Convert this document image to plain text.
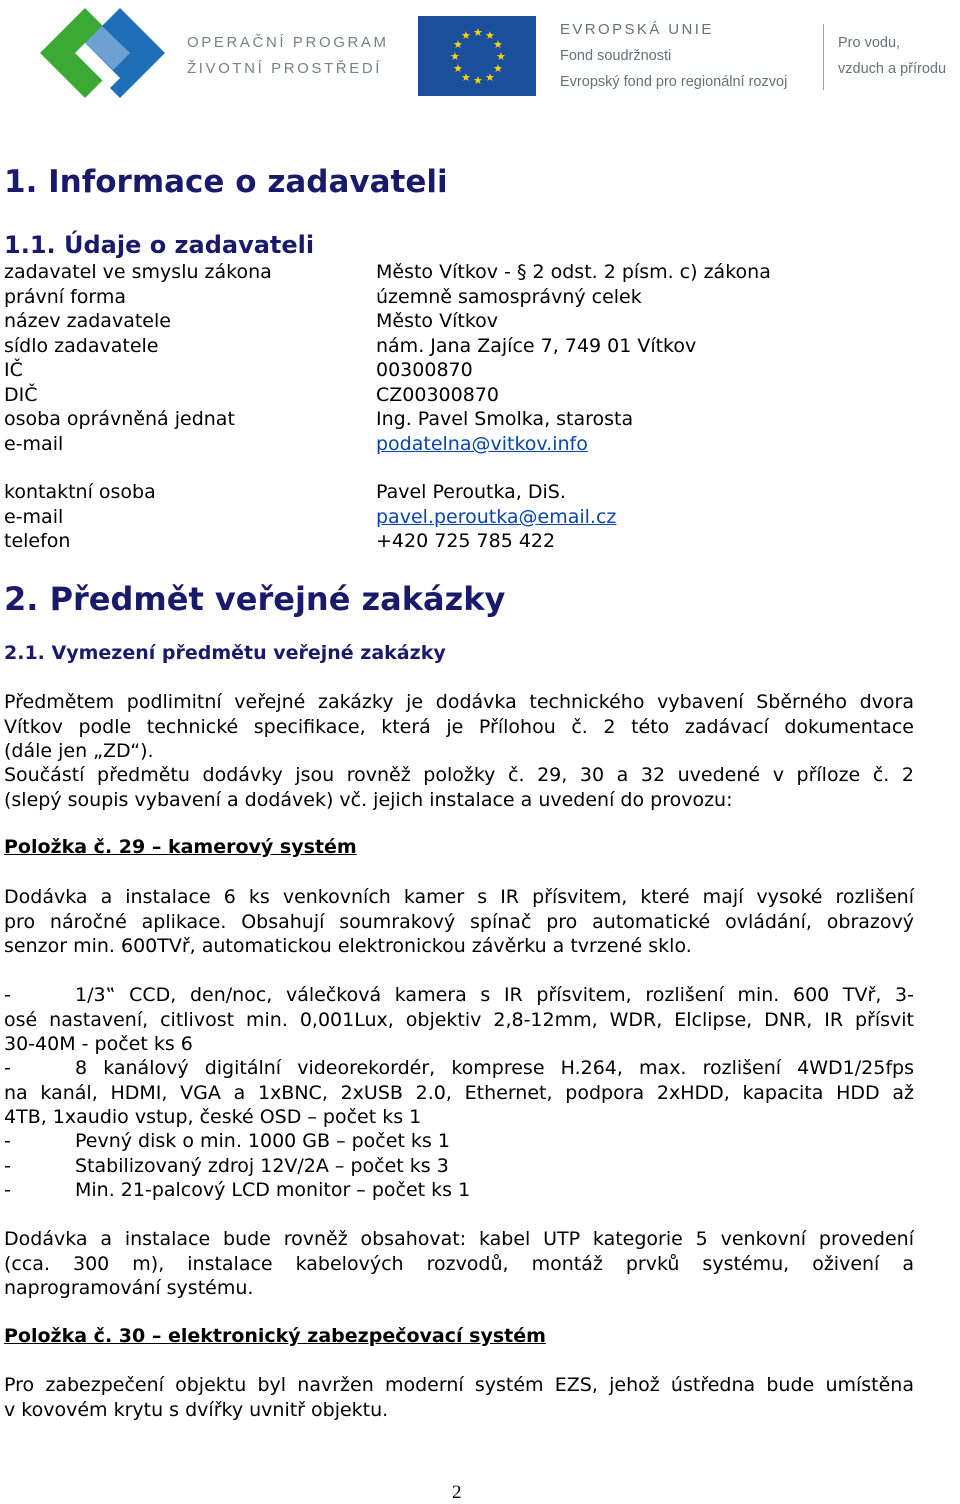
OPERAČNÍ PROGRAM
ŽIVOTNÍ PROSTŘEDÍ
★ ★
★
★
★
★
★
★
★
★
★
★	EVROPSKÁ UNIE
Fond soudržnosti
Evropský fond pro regionální rozvoj
Pro vodu,
vzduch a přírodu
1. Informace o zadavateli
1.1. Údaje o zadavateli
zadavatel ve smyslu zákona	Město Vítkov - § 2 odst. 2 písm. c) zákona
právní forma	územně samosprávný celek
název zadavatele	Město Vítkov
sídlo zadavatele	nám. Jana Zajíce 7, 749 01 Vítkov
IČ	00300870
DIČ	CZ00300870
osoba oprávněná jednat	Ing. Pavel Smolka, starosta
e-mail	podatelna@vitkov.info
kontaktní osoba	Pavel Peroutka, DiS.
e-mail	pavel.peroutka@email.cz
telefon	+420 725 785 422
2. Předmět veřejné zakázky
2.1. Vymezení předmětu veřejné zakázky
Předmětem podlimitní veřejné zakázky je dodávka technického vybavení Sběrného dvora
Vítkov podle technické specifikace, která je Přílohou č. 2 této zadávací dokumentace
(dále jen „ZD“).
Součástí předmětu dodávky jsou rovněž položky č. 29, 30 a 32 uvedené v příloze č. 2
(slepý soupis vybavení a dodávek) vč. jejich instalace a uvedení do provozu:
Položka č. 29 – kamerový systém
Dodávka a instalace 6 ks venkovních kamer s IR přísvitem, které mají vysoké rozlišení
pro náročné aplikace. Obsahují soumrakový spínač pro automatické ovládání, obrazový
senzor min. 600TVř, automatickou elektronickou závěrku a tvrzené sklo.
-	1/3‟ CCD, den/noc, válečková kamera s IR přísvitem, rozlišení min. 600 TVř, 3-
osé nastavení, citlivost min. 0,001Lux, objektiv 2,8-12mm, WDR, Elclipse, DNR, IR přísvit
30-40M - počet ks 6
-	8 kanálový digitální videorekordér, komprese H.264, max. rozlišení 4WD1/25fps
na kanál, HDMI, VGA a 1xBNC, 2xUSB 2.0, Ethernet, podpora 2xHDD, kapacita HDD až
4TB, 1xaudio vstup, české OSD – počet ks 1
-	Pevný disk o min. 1000 GB – počet ks 1
-	Stabilizovaný zdroj 12V/2A – počet ks 3
-	Min. 21-palcový LCD monitor – počet ks 1
Dodávka a instalace bude rovněž obsahovat: kabel UTP kategorie 5 venkovní provedení
(cca. 300 m), instalace kabelových rozvodů, montáž prvků systému, oživení a
naprogramování systému.
Položka č. 30 – elektronický zabezpečovací systém
Pro zabezpečení objektu byl navržen moderní systém EZS, jehož ústředna bude umístěna
v kovovém krytu s dvířky uvnitř objektu.
2
